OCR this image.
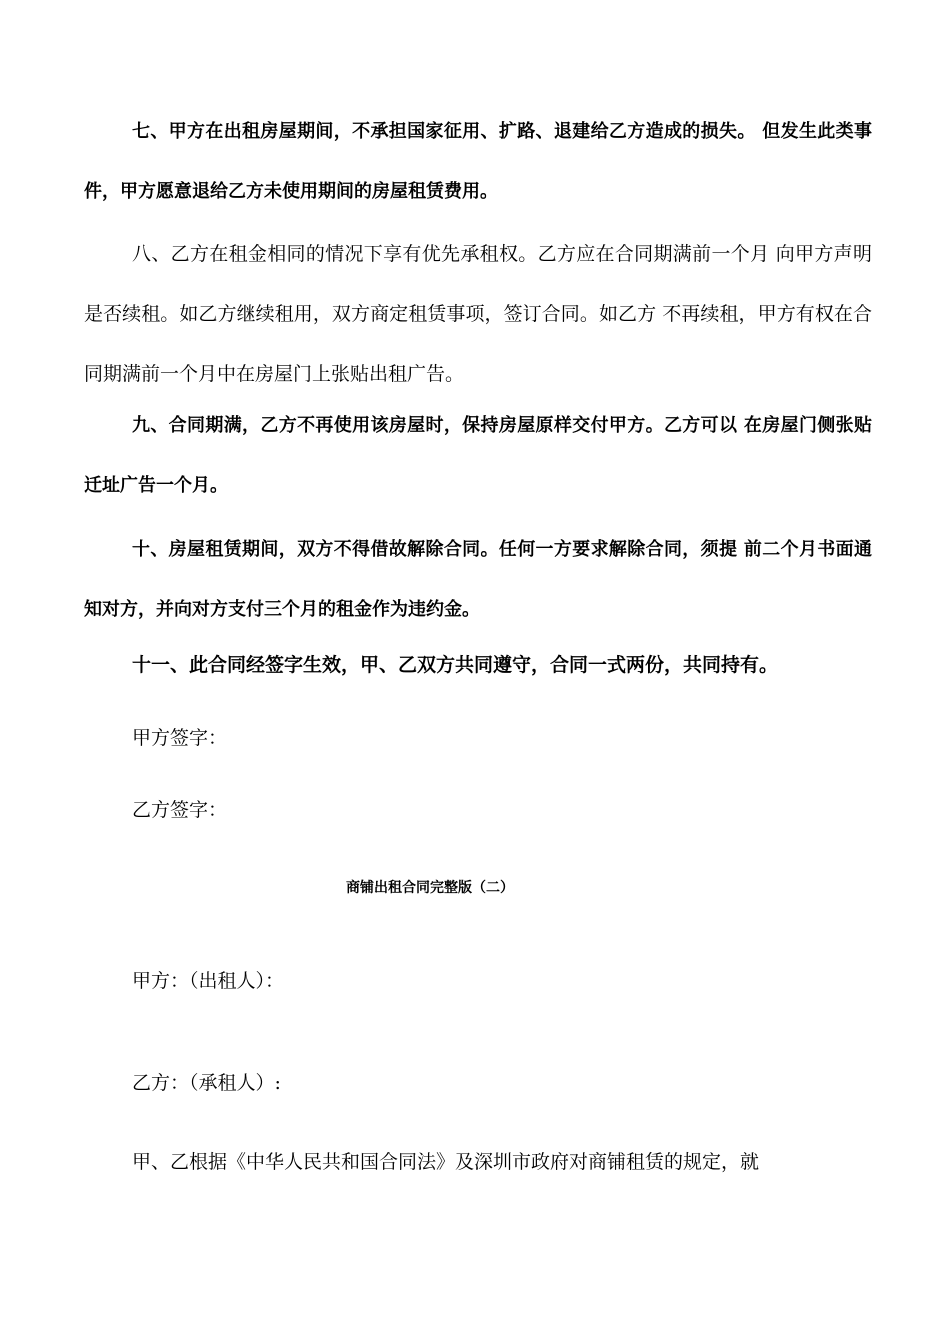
七、甲方在出租房屋期间，不承担国家征用、扩路、退建给乙方造成的损失。 但发生此类事件，甲方愿意退给乙方未使用期间的房屋租赁费用。

八、乙方在租金相同的情况下享有优先承租权。乙方应在合同期满前一个月 向甲方声明是否续租。如乙方继续租用，双方商定租赁事项，签订合同。如乙方 不再续租，甲方有权在合同期满前一个月中在房屋门上张贴出租广告。

九、合同期满，乙方不再使用该房屋时，保持房屋原样交付甲方。乙方可以 在房屋门侧张贴迁址广告一个月。

十、房屋租赁期间，双方不得借故解除合同。任何一方要求解除合同，须提 前二个月书面通知对方，并向对方支付三个月的租金作为违约金。

十一、此合同经签字生效，甲、乙双方共同遵守，合同一式两份，共同持有。

甲方签字：

乙方签字：

商铺出租合同完整版（二）

甲方：（出租人）：

乙方：（承租人）:

甲、乙根据《中华人民共和国合同法》及深圳市政府对商铺租赁的规定，就
